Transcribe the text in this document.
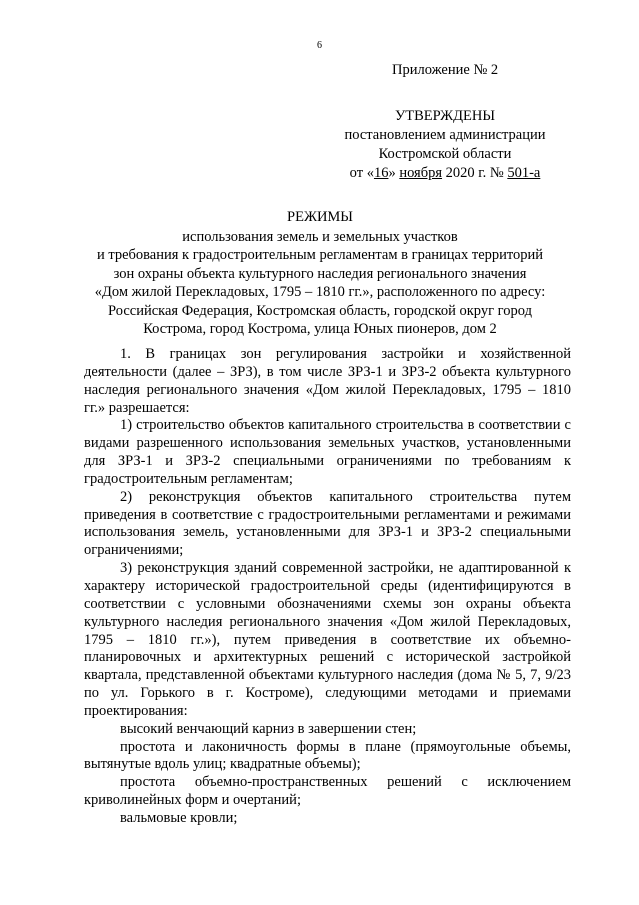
6
Приложение № 2
УТВЕРЖДЕНЫ
постановлением администрации
Костромской области
от «16» ноября 2020 г. № 501-а
РЕЖИМЫ
использования земель и земельных участков
и требования к градостроительным регламентам в границах территорий
зон охраны объекта культурного наследия регионального значения
«Дом жилой Перекладовых, 1795 – 1810 гг.», расположенного по адресу:
Российская Федерация, Костромская область, городской округ город
Кострома, город Кострома, улица Юных пионеров, дом 2

1. В границах зон регулирования застройки и хозяйственной деятельности (далее – ЗРЗ), в том числе ЗРЗ-1 и ЗРЗ-2 объекта культурного наследия регионального значения «Дом жилой Перекладовых, 1795 – 1810 гг.» разрешается:

1) строительство объектов капитального строительства в соответствии с видами разрешенного использования земельных участков, установленными для ЗРЗ-1 и ЗРЗ-2 специальными ограничениями по требованиям к градостроительным регламентам;

2) реконструкция объектов капитального строительства путем приведения в соответствие с градостроительными регламентами и режимами использования земель, установленными для ЗРЗ-1 и ЗРЗ-2 специальными ограничениями;

3) реконструкция зданий современной застройки, не адаптированной к характеру исторической градостроительной среды (идентифицируются в соответствии с условными обозначениями схемы зон охраны объекта культурного наследия регионального значения «Дом жилой Перекладовых, 1795 – 1810 гг.»), путем приведения в соответствие их объемно-планировочных и архитектурных решений с исторической застройкой квартала, представленной объектами культурного наследия (дома № 5, 7, 9/23 по ул. Горького в г. Костроме), следующими методами и приемами проектирования:

высокий венчающий карниз в завершении стен;

простота и лаконичность формы в плане (прямоугольные объемы, вытянутые вдоль улиц; квадратные объемы);

простота объемно-пространственных решений с исключением криволинейных форм и очертаний;

вальмовые кровли;
